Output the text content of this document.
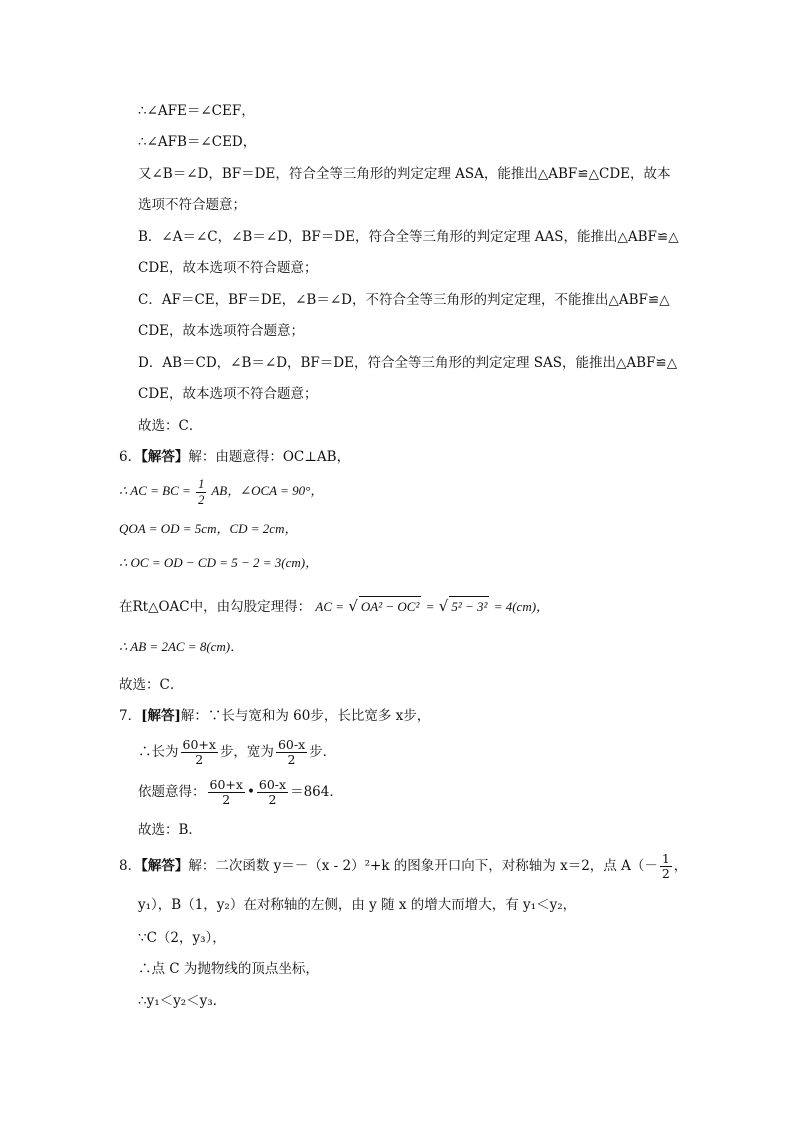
∴∠AFE＝∠CEF，
∴∠AFB＝∠CED，
又∠B＝∠D，BF＝DE，符合全等三角形的判定定理 ASA，能推出△ABF≌△CDE，故本
选项不符合题意；
B．∠A＝∠C，∠B＝∠D，BF＝DE，符合全等三角形的判定定理 AAS，能推出△ABF≌△
CDE，故本选项不符合题意；
C．AF＝CE，BF＝DE，∠B＝∠D，不符合全等三角形的判定定理，不能推出△ABF≌△
CDE，故本选项符合题意；
D．AB＝CD，∠B＝∠D，BF＝DE，符合全等三角形的判定定理 SAS，能推出△ABF≌△
CDE，故本选项不符合题意；
故选：C．
6．【解答】解：由题意得：OC⊥AB，
∴ AC = BC = $\frac{1}{2}$ AB，∠OCA = 90°，
QOA = OD = 5cm，CD = 2cm，
∴ OC = OD − CD = 5 − 2 = 3(cm)，
在Rt△OAC中，由勾股定理得： AC = √ OA² − OC² = √ 5² − 3² = 4(cm)，
∴ AB = 2AC = 8(cm)．
故选：C．
7．[解答]解：∵长与宽和为 60步，长比宽多 x步，
∴长为 $\frac{60+x}{2}$ 步，宽为 $\frac{60-x}{2}$ 步．
依题意得： $\frac{60+x}{2}$ • $\frac{60-x}{2} =864$．
故选：B．
8．【解答】解：二次函数 y＝－（x - 2）²+k 的图象开口向下，对称轴为 x＝2，点 $A(- \frac{1}{2}$ ，
y₁），B（1，y₂）在对称轴的左侧，由 y 随 x 的增大而增大，有 y₁＜y₂，
∵C（2，y₃），
∴点 C 为抛物线的顶点坐标，
∴y₁＜y₂＜y₃．
